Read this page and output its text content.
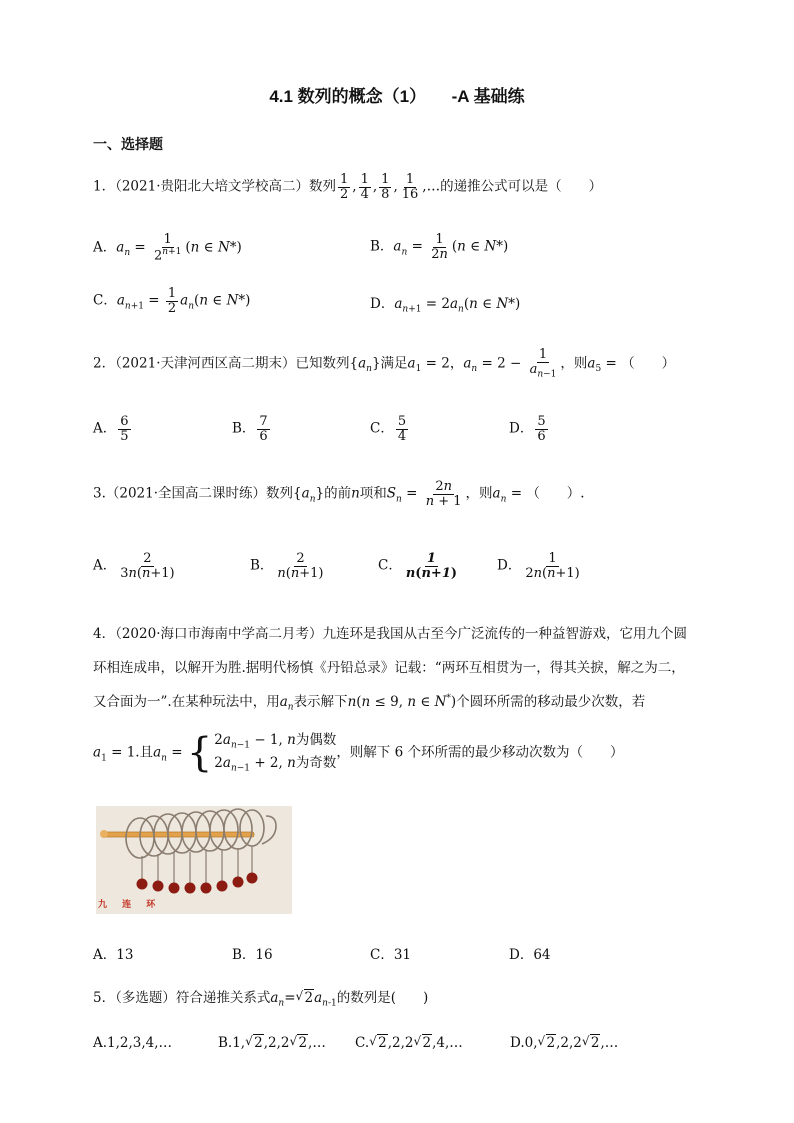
4.1 数列的概念（1）　　-A 基础练
一、选择题
1．（2021·贵阳北大培文学校高二）数列 $\frac{1}{2}$ , $\frac{1}{4}$ , $\frac{1}{8}$ , $\frac{1}{16}$ ,…的递推公式可以是（　　）
A．$a_n = \frac{1}{2^{n+1}} (n$ ∈ N*)	B．$a_n = \frac{1}{2n} (n$ ∈ N*)
C．$a_{n+1} = \frac{1}{2} a_n(n$ ∈ N*)	D．$a_{n+1} = 2a_n(n$ ∈ N*)
2．（2021·天津河西区高二期末）已知数列$\{a_n\}$满足$a_1 = 2$，$a_n = 2 - \frac{1}{a_{n-1}}$ ，则$a_5$ = （　　）
A． $\frac{6}{5}$	B． $\frac{7}{6}$	C． $\frac{5}{4}$	D． $\frac{5}{6}$
3.（2021·全国高二课时练）数列$\{a_n\}$的前n项和$S_n = \frac{2n}{n + 1}$ ，则$a_n$ = （　　）.
A． $\frac{2}{3n(n+1)}$	B． $\frac{2}{n(n+1)}$	C． $\frac{1}{n(n+1)}$	D． $\frac{1}{2n(n+1)}$
4．（2020·海口市海南中学高二月考）九连环是我国从古至今广泛流传的一种益智游戏，它用九个圆
环相连成串，以解开为胜.据明代杨慎《丹铅总录》记载：“两环互相贯为一，得其关捩，解之为二，
又合面为一”.在某种玩法中，用$a_n$表示解下n(n ≤ 9, n ∈ N*)个圆环所需的移动最少次数，若
$a_1 = 1$.且$a_n$ = { $2a_{n-1} - 1$, n为偶数
$2a_{n-1} + 2$, n为奇数
，则解下 6 个环所需的最少移动次数为（　　）
九 连 环
A．13	B．16	C．31	D．64
5．（多选题）符合递推关系式$a_n=√$ $2a_{n-1}$的数列是(　　)
A.1,2,3,4,…	B.1,√ 2,2,2√ 2,… C.√ 2,2,2√ 2,4,…	D.0,√ 2,2,2√ 2,…
